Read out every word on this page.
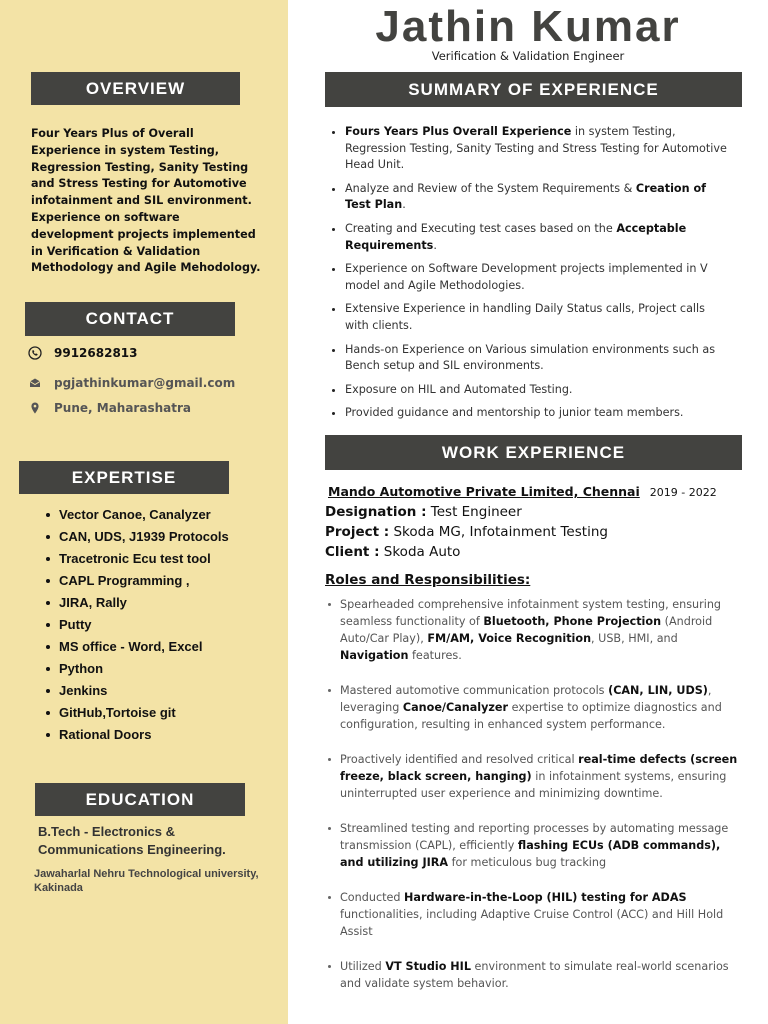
OVERVIEW
Four Years Plus of Overall Experience in system Testing, Regression Testing, Sanity Testing and Stress Testing for Automotive infotainment and SIL environment. Experience on software development projects implemented in Verification & Validation Methodology and Agile Mehodology.
CONTACT
9912682813
pgjathinkumar@gmail.com
Pune, Maharashatra
EXPERTISE
Vector Canoe, Canalyzer
CAN, UDS, J1939 Protocols
Tracetronic Ecu test tool
CAPL Programming ,
JIRA, Rally
Putty
MS office - Word, Excel
Python
Jenkins
GitHub,Tortoise git
Rational Doors
EDUCATION
B.Tech - Electronics & Communications Engineering.
Jawaharlal Nehru Technological university, Kakinada
Jathin Kumar
Verification & Validation Engineer
SUMMARY OF EXPERIENCE
Fours Years Plus Overall Experience in system Testing, Regression Testing, Sanity Testing and Stress Testing for Automotive Head Unit.
Analyze and Review of the System Requirements & Creation of Test Plan.
Creating and Executing test cases based on the Acceptable Requirements.
Experience on Software Development projects implemented in V model and Agile Methodologies.
Extensive Experience in handling Daily Status calls, Project calls with clients.
Hands-on Experience on Various simulation environments such as Bench setup and SIL environments.
Exposure on HIL and Automated Testing.
Provided guidance and mentorship to junior team members.
WORK EXPERIENCE
Mando Automotive Private Limited, Chennai 2019 - 2022
Designation : Test Engineer
Project : Skoda MG, Infotainment Testing
Client : Skoda Auto
Roles and Responsibilities:
Spearheaded comprehensive infotainment system testing, ensuring seamless functionality of Bluetooth, Phone Projection (Android Auto/Car Play), FM/AM, Voice Recognition, USB, HMI, and Navigation features.
Mastered automotive communication protocols (CAN, LIN, UDS), leveraging Canoe/Canalyzer expertise to optimize diagnostics and configuration, resulting in enhanced system performance.
Proactively identified and resolved critical real-time defects (screen freeze, black screen, hanging) in infotainment systems, ensuring uninterrupted user experience and minimizing downtime.
Streamlined testing and reporting processes by automating message transmission (CAPL), efficiently flashing ECUs (ADB commands), and utilizing JIRA for meticulous bug tracking
Conducted Hardware-in-the-Loop (HIL) testing for ADAS functionalities, including Adaptive Cruise Control (ACC) and Hill Hold Assist
Utilized VT Studio HIL environment to simulate real-world scenarios and validate system behavior.
